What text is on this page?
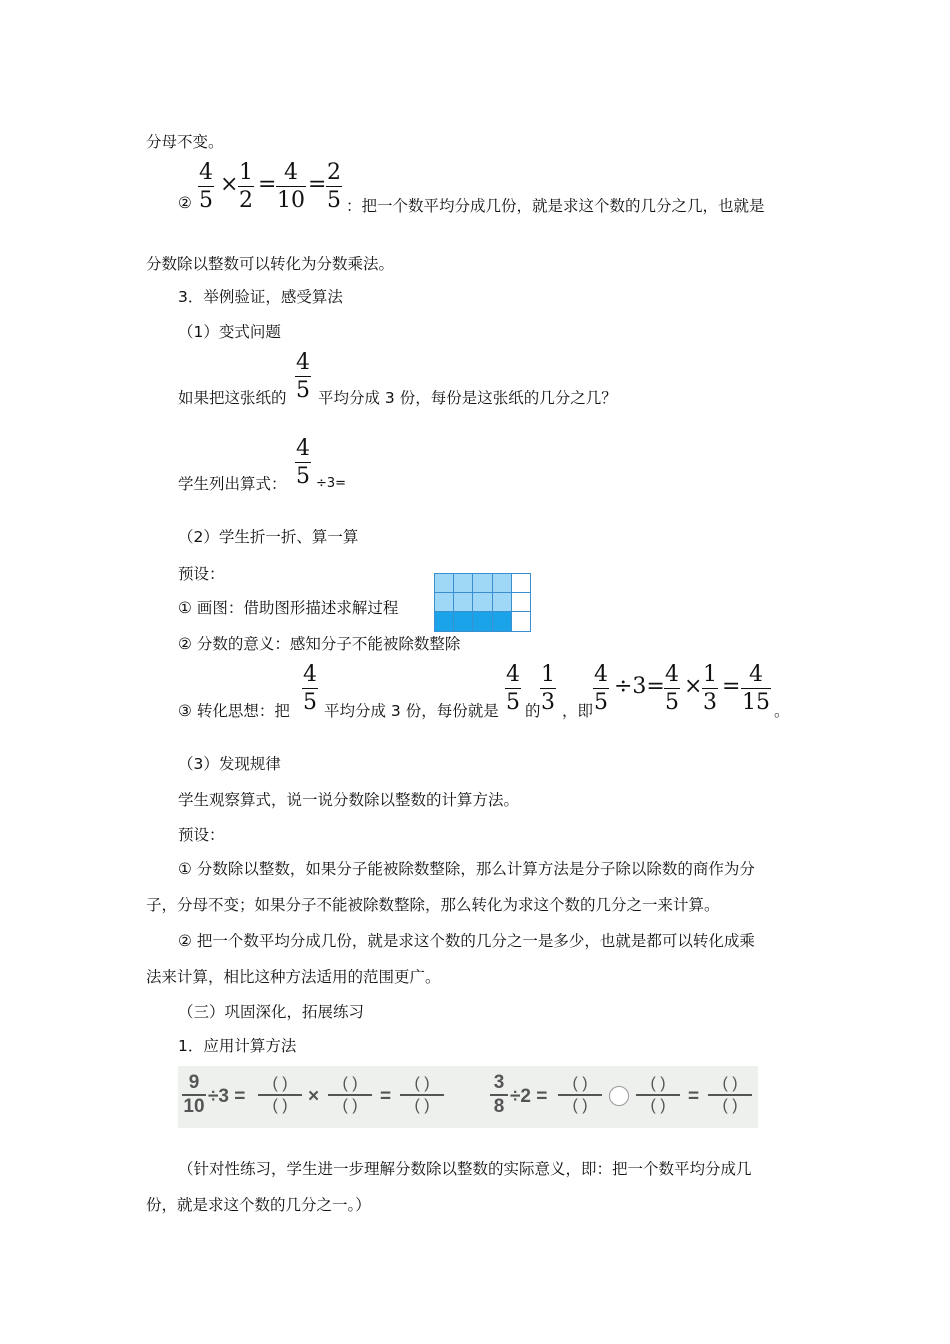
分母不变。
② $\frac{4}{5} \times \frac{1}{2} = \frac{4}{10} = \frac{2}{5}$ ：把一个数平均分成几份，就是求这个数的几分之几，也就是
分数除以整数可以转化为分数乘法。
3．举例验证，感受算法
（1）变式问题
如果把这张纸的 $\frac{4}{5}$ 平均分成 3 份，每份是这张纸的几分之几？
学生列出算式： $\frac{4}{5} \div 3=$
（2）学生折一折、算一算
预设：
① 画图：借助图形描述求解过程
② 分数的意义：感知分子不能被除数整除
③ 转化思想：把 $\frac{4}{5}$ 平均分成 3 份，每份就是 $\frac{4}{5}$ 的 $\frac{1}{3}$ ，即 $\frac{4}{5} \div 3= \frac{4}{5} \times \frac{1}{3} = \frac{4}{15}$ 。
（3）发现规律
学生观察算式，说一说分数除以整数的计算方法。
预设：
① 分数除以整数，如果分子能被除数整除，那么计算方法是分子除以除数的商作为分
子，分母不变；如果分子不能被除数整除，那么转化为求这个数的几分之一来计算。
② 把一个数平均分成几份，就是求这个数的几分之一是多少，也就是都可以转化成乘
法来计算，相比这种方法适用的范围更广。
（三）巩固深化，拓展练习
1．应用计算方法
9
10 ÷3 =
( )
( )	×
( )
( )	=
( )
( )
3
8 ÷2 =
( )
( )
( )
( )	=
( )
( )
（针对性练习，学生进一步理解分数除以整数的实际意义，即：把一个数平均分成几
份，就是求这个数的几分之一。）
